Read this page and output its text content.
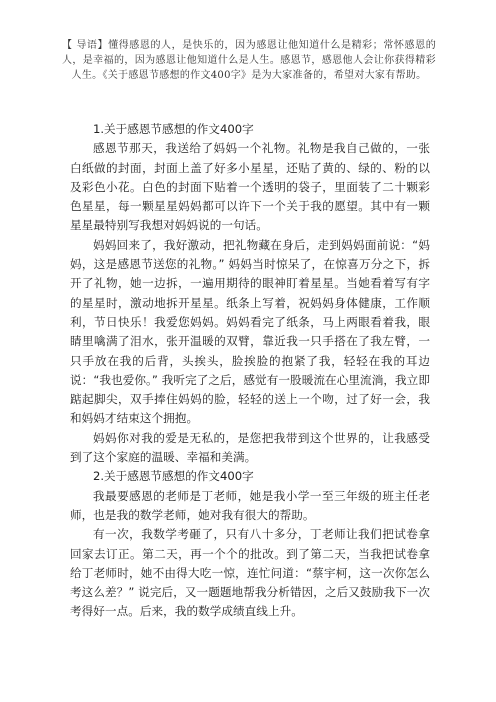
【 导语】懂得感恩的人，是快乐的，因为感恩让他知道什么是精彩；常怀感恩的人，是幸福的，因为感恩让他知道什么是人生。感恩节，感恩他人会让你获得精彩人生。《关于感恩节感想的作文400字》是为大家准备的，希望对大家有帮助。
1.关于感恩节感想的作文400字

感恩节那天，我送给了妈妈一个礼物。礼物是我自己做的，一张白纸做的封面，封面上盖了好多小星星，还贴了黄的、绿的、粉的以及彩色小花。白色的封面下贴着一个透明的袋子，里面装了二十颗彩色星星，每一颗星星妈妈都可以许下一个关于我的愿望。其中有一颗星星最特别写我想对妈妈说的一句话。

妈妈回来了，我好激动，把礼物藏在身后，走到妈妈面前说：“妈妈，这是感恩节送您的礼物。” 妈妈当时惊呆了，在惊喜万分之下，拆开了礼物，她一边拆，一遍用期待的眼神盯着星星。当她看着写有字的星星时，激动地拆开星星。纸条上写着，祝妈妈身体健康，工作顺利，节日快乐！我爱您妈妈。妈妈看完了纸条，马上两眼看着我，眼睛里噙满了泪水，张开温暖的双臂，靠近我一只手搭在了我左臂，一只手放在我的后背，头挨头，脸挨脸的抱紧了我，轻轻在我的耳边说：“我也爱你。” 我听完了之后，感觉有一股暖流在心里流淌，我立即踮起脚尖，双手捧住妈妈的脸，轻轻的送上一个吻，过了好一会，我和妈妈才结束这个拥抱。

妈妈你对我的爱是无私的，是您把我带到这个世界的，让我感受到了这个家庭的温暖、幸福和美满。

2.关于感恩节感想的作文400字

我最要感恩的老师是丁老师，她是我小学一至三年级的班主任老师，也是我的数学老师，她对我有很大的帮助。

有一次，我数学考砸了，只有八十多分，丁老师让我们把试卷拿回家去订正。第二天，再一个个的批改。到了第二天，当我把试卷拿给丁老师时，她不由得大吃一惊，连忙问道：“蔡宇柯，这一次你怎么考这么差？” 说完后，又一题题地帮我分析错因，之后又鼓励我下一次考得好一点。后来，我的数学成绩直线上升。
